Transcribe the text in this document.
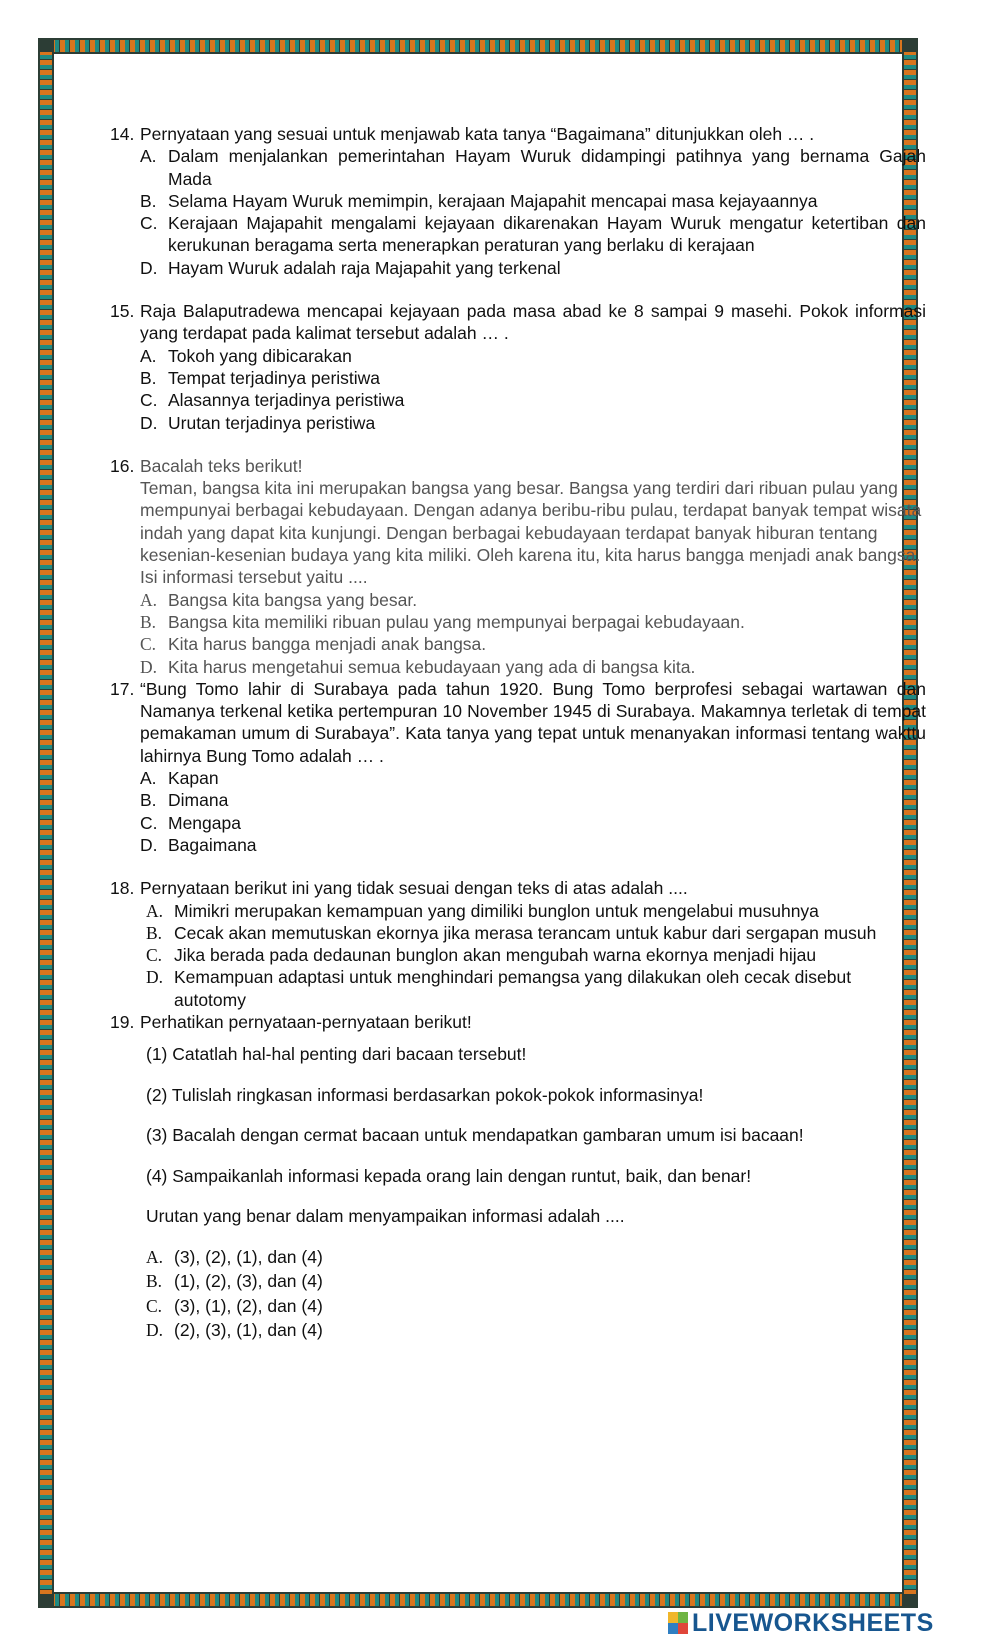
14. Pernyataan yang sesuai untuk menjawab kata tanya “Bagaimana” ditunjukkan oleh … .
A. Dalam menjalankan pemerintahan Hayam Wuruk didampingi patihnya yang bernama Gajah Mada
B. Selama Hayam Wuruk memimpin, kerajaan Majapahit mencapai masa kejayaannya
C. Kerajaan Majapahit mengalami kejayaan dikarenakan Hayam Wuruk mengatur ketertiban dan kerukunan beragama serta menerapkan peraturan yang berlaku di kerajaan
D. Hayam Wuruk adalah raja Majapahit yang terkenal
15. Raja Balaputradewa mencapai kejayaan pada masa abad ke 8 sampai 9 masehi. Pokok informasi yang terdapat pada kalimat tersebut adalah … .
A. Tokoh yang dibicarakan
B. Tempat terjadinya peristiwa
C. Alasannya terjadinya peristiwa
D. Urutan terjadinya peristiwa
16. Bacalah teks berikut!
Teman, bangsa kita ini merupakan bangsa yang besar. Bangsa yang terdiri dari ribuan pulau yang mempunyai berbagai kebudayaan. Dengan adanya beribu-ribu pulau, terdapat banyak tempat wisata indah yang dapat kita kunjungi. Dengan berbagai kebudayaan terdapat banyak hiburan tentang kesenian-kesenian budaya yang kita miliki. Oleh karena itu, kita harus bangga menjadi anak bangsa.
Isi informasi tersebut yaitu ....
A. Bangsa kita bangsa yang besar.
B. Bangsa kita memiliki ribuan pulau yang mempunyai berpagai kebudayaan.
C. Kita harus bangga menjadi anak bangsa.
D. Kita harus mengetahui semua kebudayaan yang ada di bangsa kita.
17. “Bung Tomo lahir di Surabaya pada tahun 1920. Bung Tomo berprofesi sebagai wartawan dan Namanya terkenal ketika pertempuran 10 November 1945 di Surabaya. Makamnya terletak di tempat pemakaman umum di Surabaya”. Kata tanya yang tepat untuk menanyakan informasi tentang wakttu lahirnya Bung Tomo adalah … .
A. Kapan
B. Dimana
C. Mengapa
D. Bagaimana
18. Pernyataan berikut ini yang tidak sesuai dengan teks di atas adalah ....
A. Mimikri merupakan kemampuan yang dimiliki bunglon untuk mengelabui musuhnya
B. Cecak akan memutuskan ekornya jika merasa terancam untuk kabur dari sergapan musuh
C. Jika berada pada dedaunan bunglon akan mengubah warna ekornya menjadi hijau
D. Kemampuan adaptasi untuk menghindari pemangsa yang dilakukan oleh cecak disebut autotomy
19. Perhatikan pernyataan-pernyataan berikut!
(1) Catatlah hal-hal penting dari bacaan tersebut!
(2) Tulislah ringkasan informasi berdasarkan pokok-pokok informasinya!
(3) Bacalah dengan cermat bacaan untuk mendapatkan gambaran umum isi bacaan!
(4) Sampaikanlah informasi kepada orang lain dengan runtut, baik, dan benar!
Urutan yang benar dalam menyampaikan informasi adalah ....
A. (3), (2), (1), dan (4)
B. (1), (2), (3), dan (4)
C. (3), (1), (2), dan (4)
D. (2), (3), (1), dan (4)
LIVEWORKSHEETS
